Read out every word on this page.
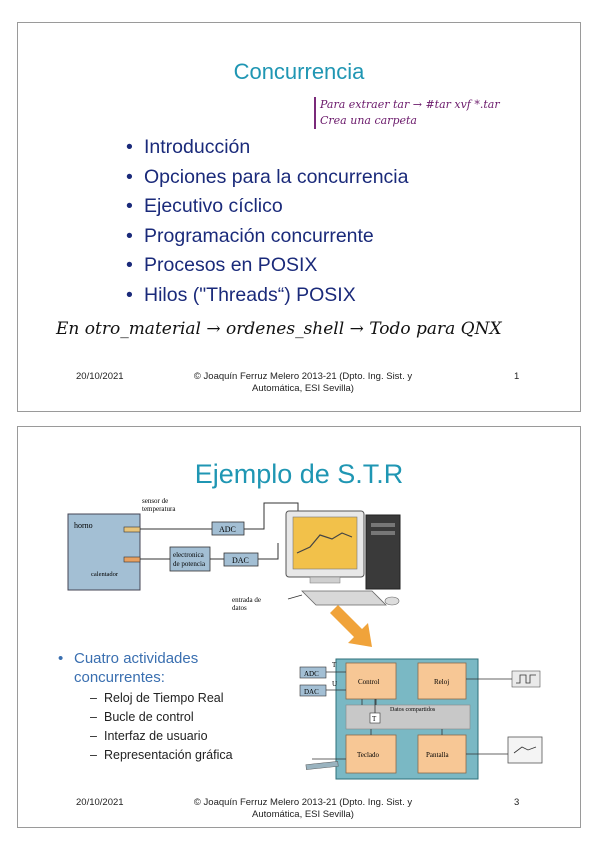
Concurrencia
Para extraer tar → #tar xvf *.tar
Crea una carpeta
• Introducción
• Opciones para la concurrencia
• Ejecutivo cíclico
• Programación concurrente
• Procesos en POSIX
• Hilos ("Threads“) POSIX
En otro_material → ordenes_shell → Todo para QNX
20/10/2021	© Joaquín Ferruz Melero 2013-21 (Dpto. Ing. Sist. y
Automática, ESI Sevilla)
1
Ejemplo de S.T.R
horno
sensor de
temperatura
calentador
ADC
electronica
de potencia	DAC
entrada de
datos
• Cuatro actividades
concurrentes:
– Reloj de Tiempo Real
– Bucle de control
– Interfaz de usuario
– Representación gráfica
Datos compartidos
Control	Reloj
T
Teclado	Pantalla
ADC
DAC
T
U
20/10/2021	© Joaquín Ferruz Melero 2013-21 (Dpto. Ing. Sist. y
Automática, ESI Sevilla)
3
